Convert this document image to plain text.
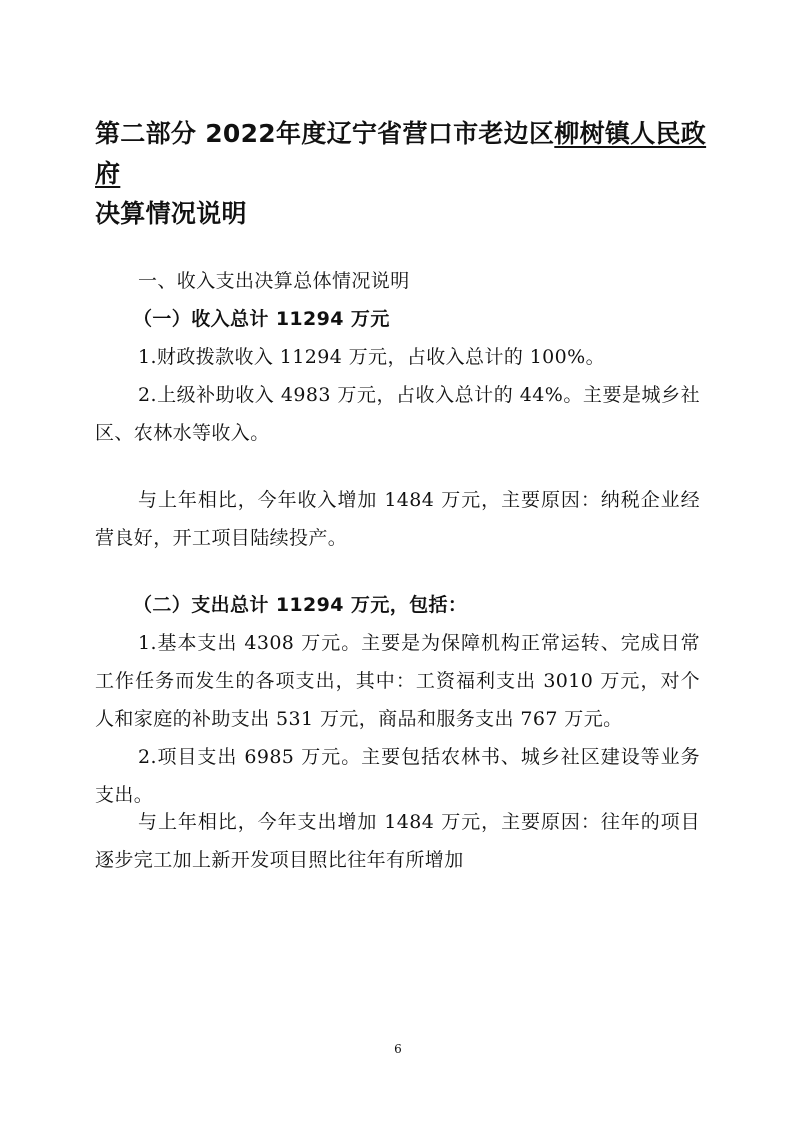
第二部分 2022年度辽宁省营口市老边区柳树镇人民政府
决算情况说明
一、收入支出决算总体情况说明
（一）收入总计 11294 万元
1.财政拨款收入 11294 万元，占收入总计的 100%。
2.上级补助收入 4983 万元，占收入总计的 44%。主要是城乡社区、农林水等收入。
与上年相比，今年收入增加 1484 万元，主要原因：纳税企业经营良好，开工项目陆续投产。
（二）支出总计 11294 万元，包括：
1.基本支出 4308 万元。主要是为保障机构正常运转、完成日常工作任务而发生的各项支出，其中：工资福利支出 3010 万元，对个人和家庭的补助支出 531 万元，商品和服务支出 767 万元。
2.项目支出 6985 万元。主要包括农林书、城乡社区建设等业务支出。
与上年相比，今年支出增加 1484 万元，主要原因：往年的项目逐步完工加上新开发项目照比往年有所增加
6
